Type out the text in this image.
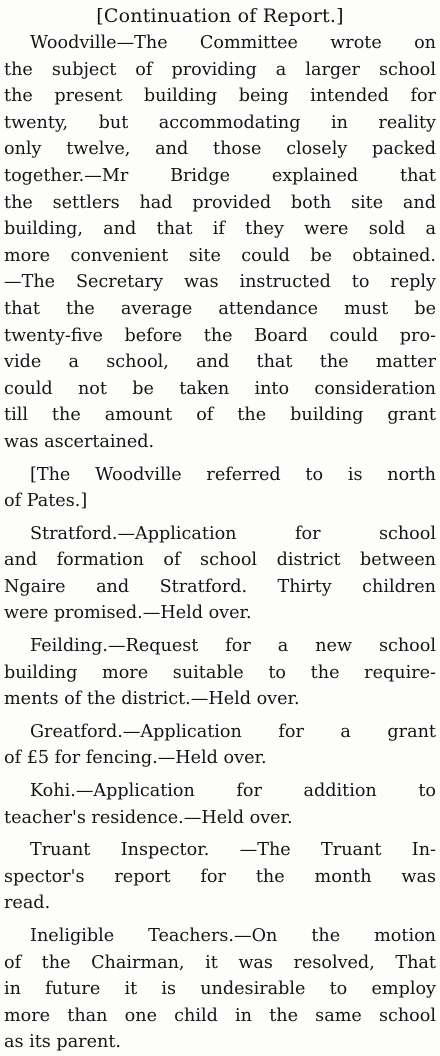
[Continuation of Report.]
Woodville—The Committee wrote on
the subject of providing a larger school
the present building being intended for
twenty, but accommodating in reality
only twelve, and those closely packed
together.—Mr Bridge explained that
the settlers had provided both site and
building, and that if they were sold a
more convenient site could be obtained.
—The Secretary was instructed to reply
that the average attendance must be
twenty-five before the Board could pro-
vide a school, and that the matter
could not be taken into consideration
till the amount of the building grant
was ascertained.
[The Woodville referred to is north
of Pates.]
Stratford.—Application for school
and formation of school district between
Ngaire and Stratford. Thirty children
were promised.—Held over.
Feilding.—Request for a new school
building more suitable to the require-
ments of the district.—Held over.
Greatford.—Application for a grant
of £5 for fencing.—Held over.
Kohi.—Application for addition to
teacher's residence.—Held over.
Truant Inspector. —The Truant In-
spector's report for the month was
read.
Ineligible Teachers.—On the motion
of the Chairman, it was resolved, That
in future it is undesirable to employ
more than one child in the same school
as its parent.
